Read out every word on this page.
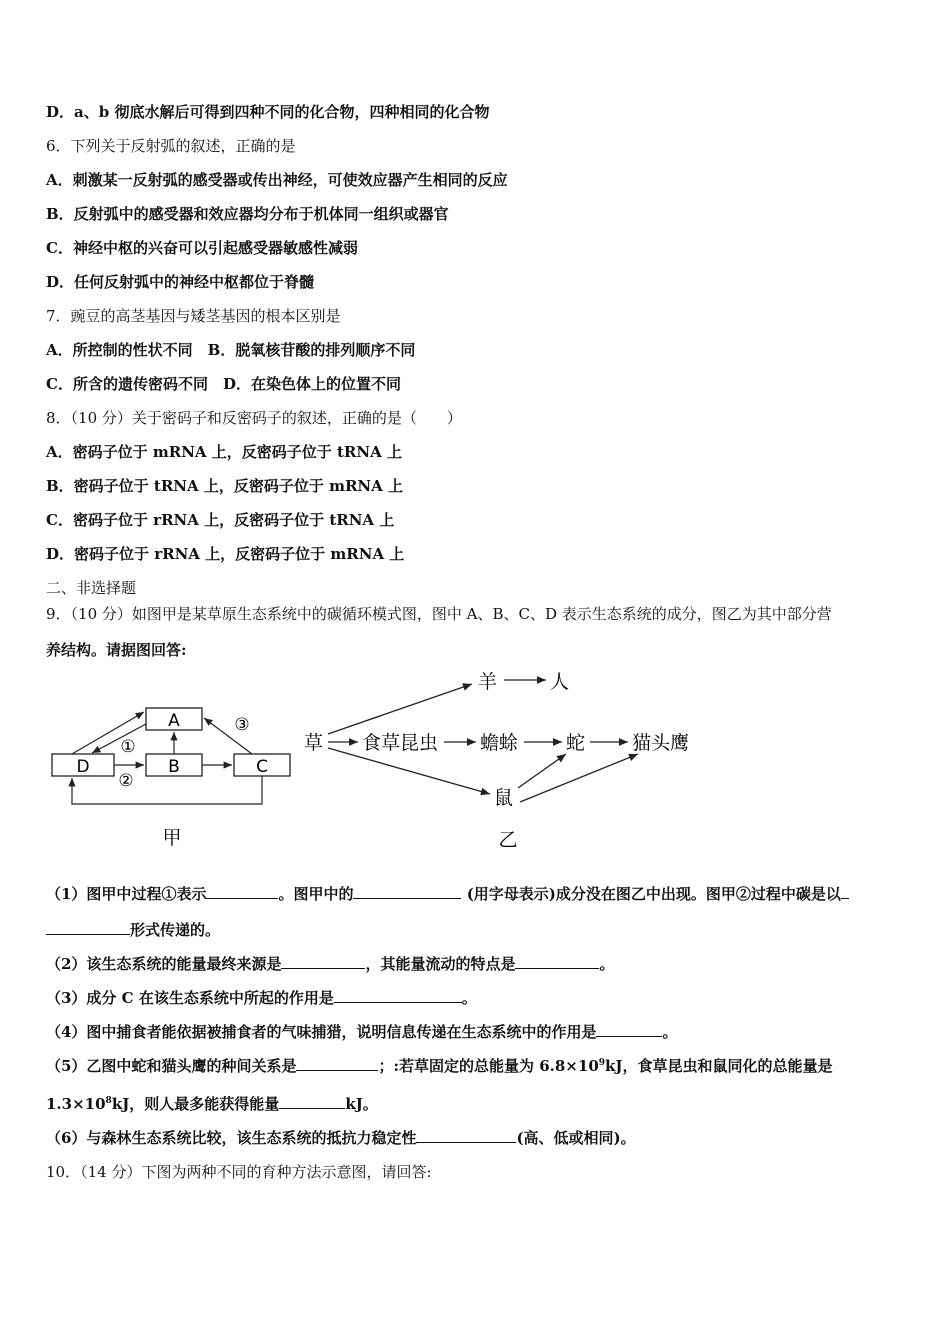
D．a、b 彻底水解后可得到四种不同的化合物，四种相同的化合物
6．下列关于反射弧的叙述，正确的是
A．刺激某一反射弧的感受器或传出神经，可使效应器产生相同的反应
B．反射弧中的感受器和效应器均分布于机体同一组织或器官
C．神经中枢的兴奋可以引起感受器敏感性减弱
D．任何反射弧中的神经中枢都位于脊髓
7．豌豆的高茎基因与矮茎基因的根本区别是
A．所控制的性状不同　B．脱氧核苷酸的排列顺序不同
C．所含的遗传密码不同　D．在染色体上的位置不同
8．（10 分）关于密码子和反密码子的叙述，正确的是（　　）
A．密码子位于 mRNA 上，反密码子位于 tRNA 上
B．密码子位于 tRNA 上，反密码子位于 mRNA 上
C．密码子位于 rRNA 上，反密码子位于 tRNA 上
D．密码子位于 rRNA 上，反密码子位于 mRNA 上
二、非选择题
9．（10 分）如图甲是某草原生态系统中的碳循环模式图，图中 A、B、C、D 表示生态系统的成分，图乙为其中部分营
养结构。请据图回答:
A
D	B	C
①
②
③
甲
草
羊	人
食草昆虫 蟾蜍	蛇 猫头鹰
鼠
乙
（1）图甲中过程①表示	。图甲中的	(用字母表示)成分没在图乙中出现。图甲②过程中碳是以
形式传递的。
（2）该生态系统的能量最终来源是	，其能量流动的特点是	。
（3）成分 C 在该生态系统中所起的作用是	。
（4）图中捕食者能依据被捕食者的气味捕猎，说明信息传递在生态系统中的作用是	。
（5）乙图中蛇和猫头鹰的种间关系是	；:若草固定的总能量为 $6.8\times 10^9kJ$，食草昆虫和鼠同化的总能量是
$1.3\times 10^8kJ$，则人最多能获得能量	kJ。
（6）与森林生态系统比较，该生态系统的抵抗力稳定性	(高、低或相同)。
10．（14 分）下图为两种不同的育种方法示意图，请回答:
